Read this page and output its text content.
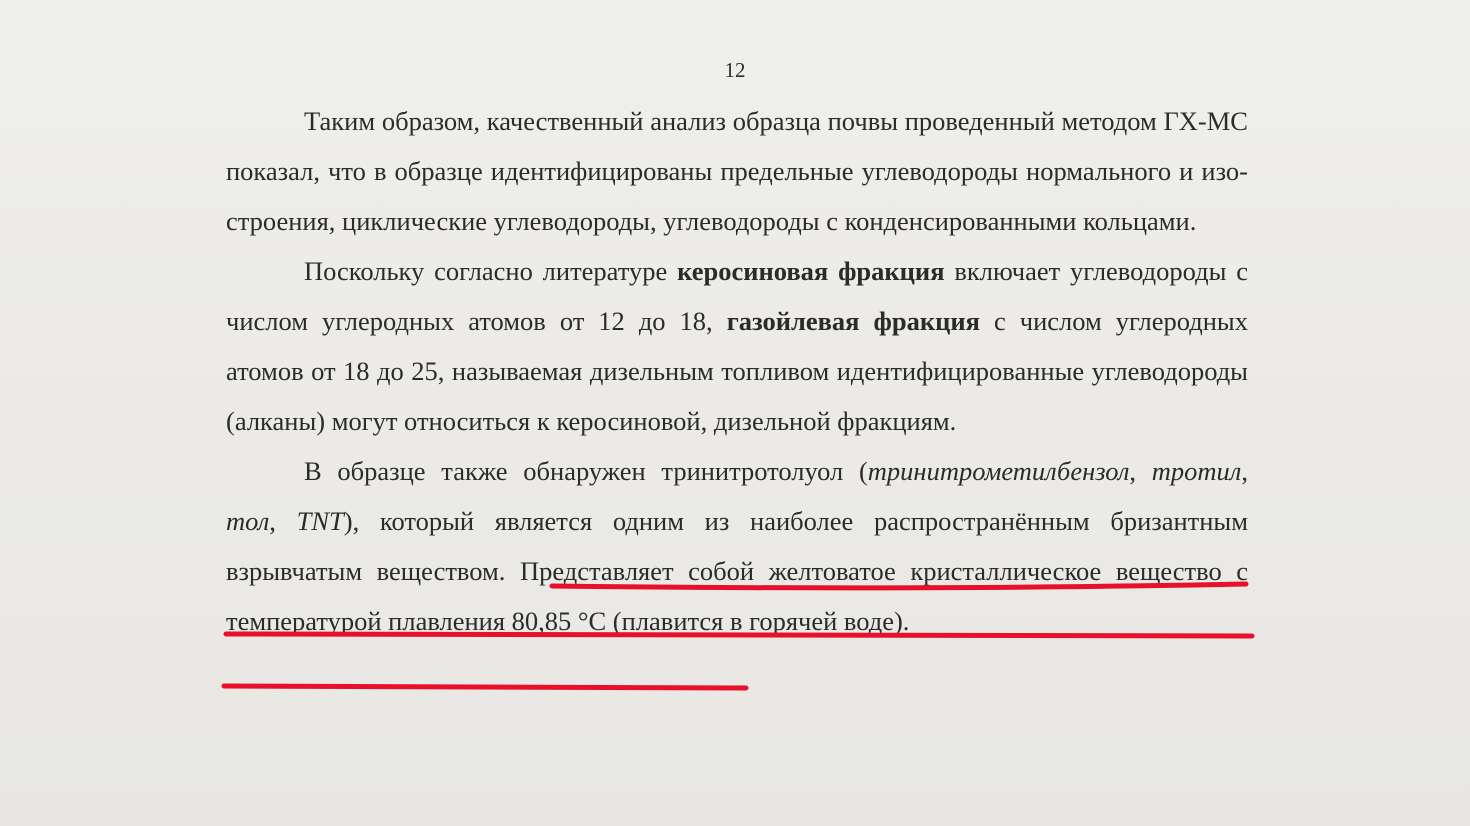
12

Таким образом, качественный анализ образца почвы проведенный методом ГХ-МС показал, что в образце идентифицированы предельные углеводороды нормального и изо- строения, циклические углеводороды, углеводороды с конденсированными кольцами.

Поскольку согласно литературе керосиновая фракция включает углеводороды с числом углеродных атомов от 12 до 18, газойлевая фракция с числом углеродных атомов от 18 до 25, называемая дизельным топливом идентифицированные углеводороды (алканы) могут относиться к керосиновой, дизельной фракциям.

В образце также обнаружен тринитротолуол (тринитрометилбензол, тротил, тол, TNT), который является одним из наиболее распространённым бризантным взрывчатым веществом. Представляет собой желтоватое кристаллическое вещество с температурой плавления 80,85 °С (плавится в горячей воде).
